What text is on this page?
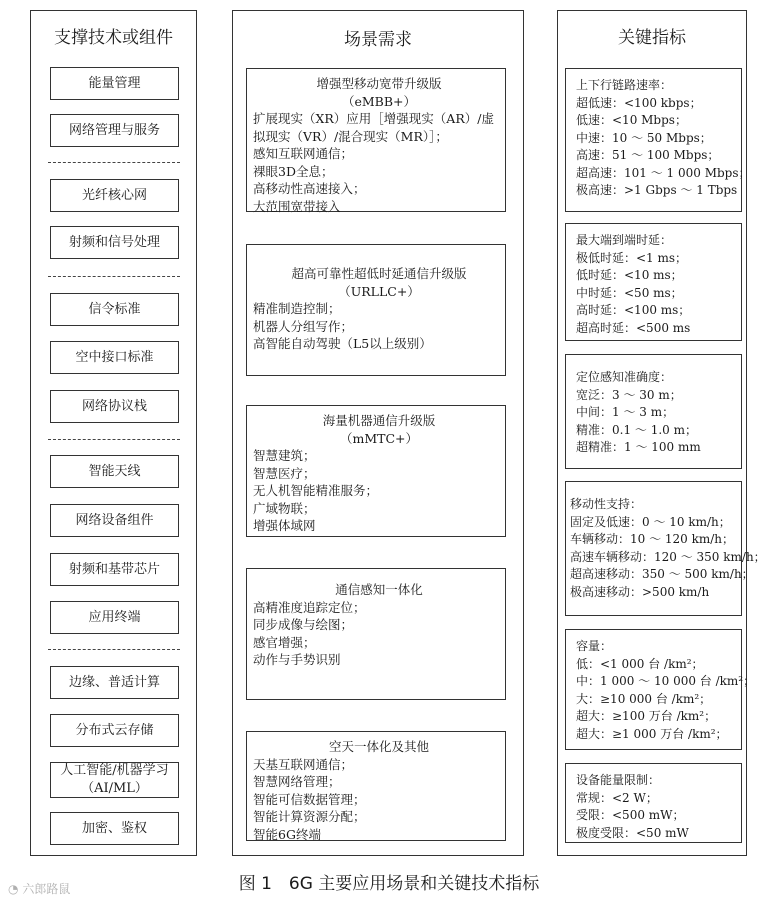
支撑技术或组件
能量管理
网络管理与服务
光纤核心网
射频和信号处理
信令标准
空中接口标准
网络协议栈
智能天线
网络设备组件
射频和基带芯片
应用终端
边缘、普适计算
分布式云存储
人工智能/机器学习
（AI/ML）
加密、鉴权
场景需求
增强型移动宽带升级版
（eMBB+）
扩展现实（XR）应用［增强现实（AR）/虚
拟现实（VR）/混合现实（MR）］；
感知互联网通信；
裸眼3D全息；
高移动性高速接入；
大范围宽带接入
超高可靠性超低时延通信升级版
（URLLC+）
精准制造控制；
机器人分组写作；
高智能自动驾驶（L5以上级别）
海量机器通信升级版
（mMTC+）
智慧建筑；
智慧医疗；
无人机智能精准服务；
广域物联；
增强体域网
通信感知一体化
高精准度追踪定位；
同步成像与绘图；
感官增强；
动作与手势识别
空天一体化及其他
天基互联网通信；
智慧网络管理；
智能可信数据管理；
智能计算资源分配；
智能6G终端
关键指标
上下行链路速率：
超低速：<100 kbps；
低速：<10 Mbps；
中速：10 ～ 50 Mbps；
高速：51 ～ 100 Mbps；
超高速：101 ～ 1 000 Mbps；
极高速：>1 Gbps ～ 1 Tbps
最大端到端时延：
极低时延：<1 ms；
低时延：<10 ms；
中时延：<50 ms；
高时延：<100 ms；
超高时延：<500 ms
定位感知准确度：
宽泛：3 ～ 30 m；
中间：1 ～ 3 m；
精准：0.1 ～ 1.0 m；
超精准：1 ～ 100 mm
移动性支持：
固定及低速：0 ～ 10 km/h；
车辆移动：10 ～ 120 km/h；
高速车辆移动：120 ～ 350 km/h；
超高速移动：350 ～ 500 km/h；
极高速移动：>500 km/h
容量：
低：<1 000 台 /km²；
中：1 000 ～ 10 000 台 /km²；
大：≥10 000 台 /km²；
超大：≥100 万台 /km²；
超大：≥1 000 万台 /km²；
设备能量限制：
常规：<2 W；
受限：<500 mW；
极度受限：<50 mW
图 1　6G 主要应用场景和关键技术指标
◔ 六郎路鼠
